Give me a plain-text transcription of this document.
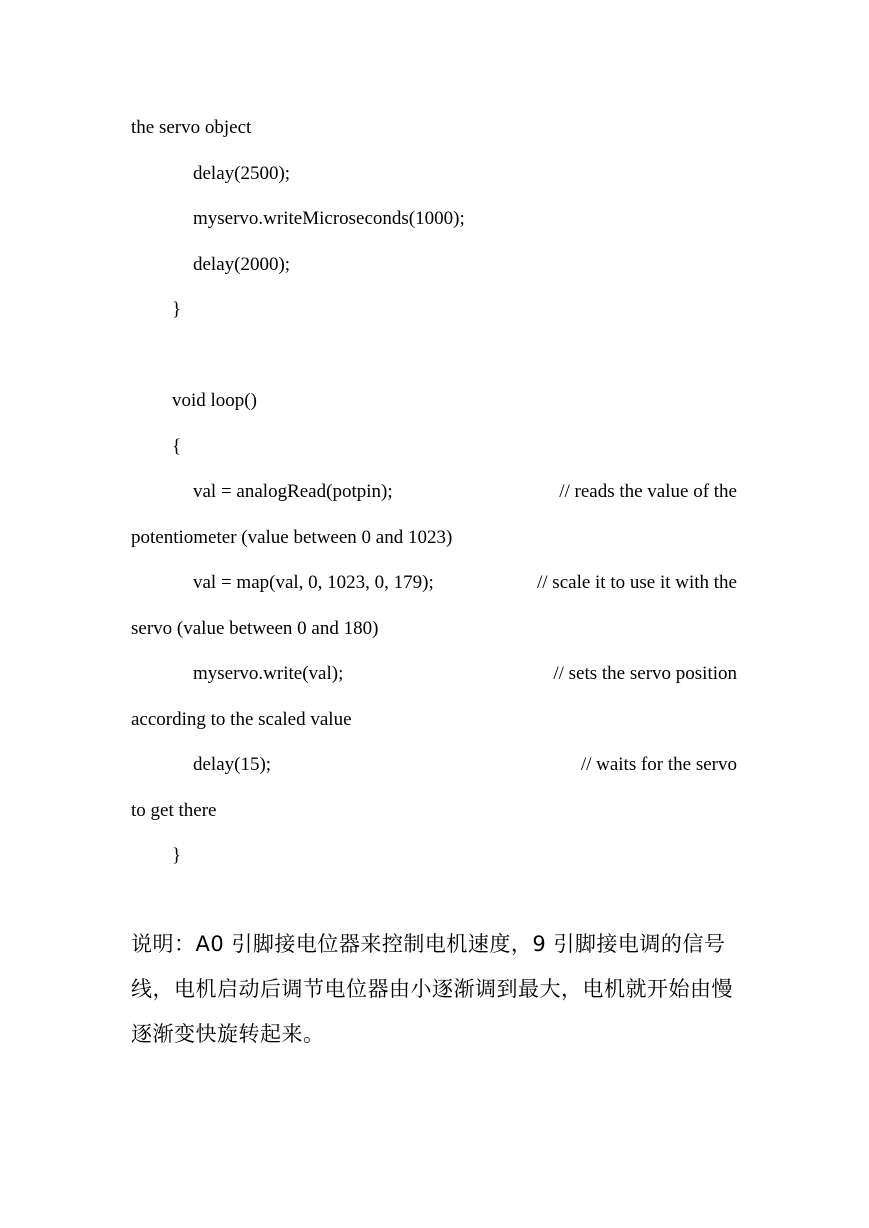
the servo object
delay(2500);
myservo.writeMicroseconds(1000);
delay(2000);
}
void loop()
{
val = analogRead(potpin);	// reads the value of the
potentiometer (value between 0 and 1023)
val = map(val, 0, 1023, 0, 179);	// scale it to use it with the
servo (value between 0 and 180)
myservo.write(val);	// sets the servo position
according to the scaled value
delay(15);	// waits for the servo
to get there
}
说明：A0 引脚接电位器来控制电机速度，9 引脚接电调的信号线，电机启动后调节电位器由小逐渐调到最大，电机就开始由慢逐渐变快旋转起来。
